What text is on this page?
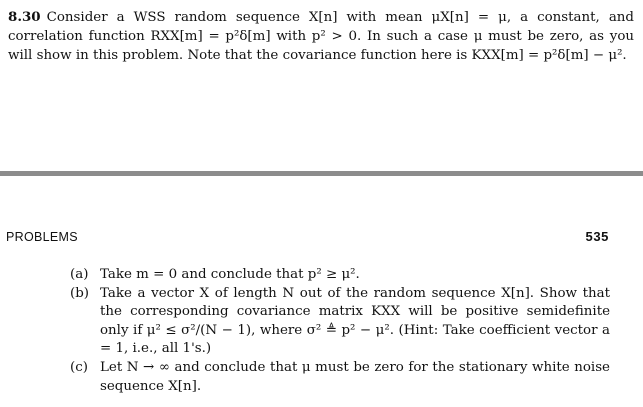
8.30 Consider a WSS random sequence X[n] with mean μX[n] = μ, a constant, and correlation function RXX[m] = p²δ[m] with p² > 0. In such a case μ must be zero, as you will show in this problem. Note that the covariance function here is KXX[m] = p²δ[m] − μ².
PROBLEMS	535
(a) Take m = 0 and conclude that p² ≥ μ².
(b) Take a vector X of length N out of the random sequence X[n]. Show that the corresponding covariance matrix KXX will be positive semidefinite only if μ² ≤ σ²/(N − 1), where σ² ≜ p² − μ². (Hint: Take coefficient vector a = 1, i.e., all 1's.)
(c) Let N → ∞ and conclude that μ must be zero for the stationary white noise sequence X[n].
